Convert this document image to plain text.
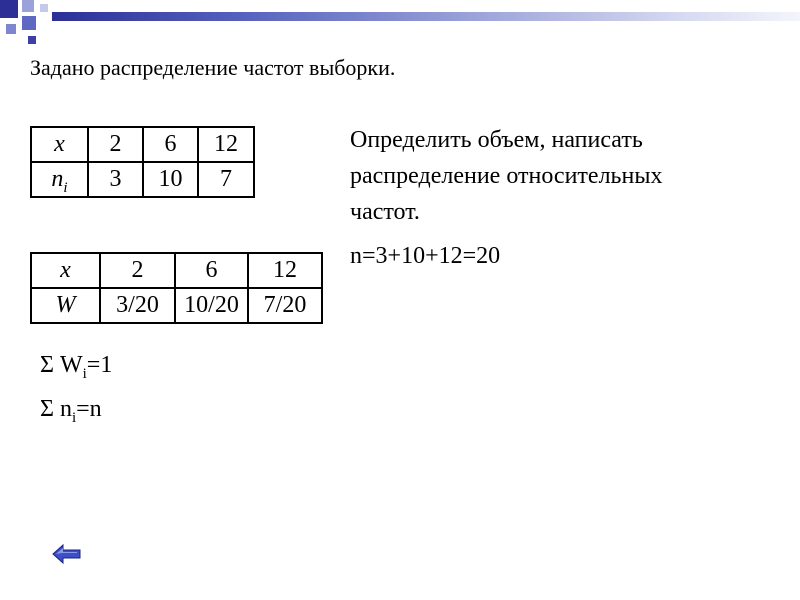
Задано распределение частот выборки.
x	2	6	12
$n_i$	3	10	7
x	2	6	12
W	3/20	10/20	7/20

Определить объем, написать

распределение относительных

частот.

n=3+10+12=20
Σ $W_i=1$
Σ $n_i=n$
